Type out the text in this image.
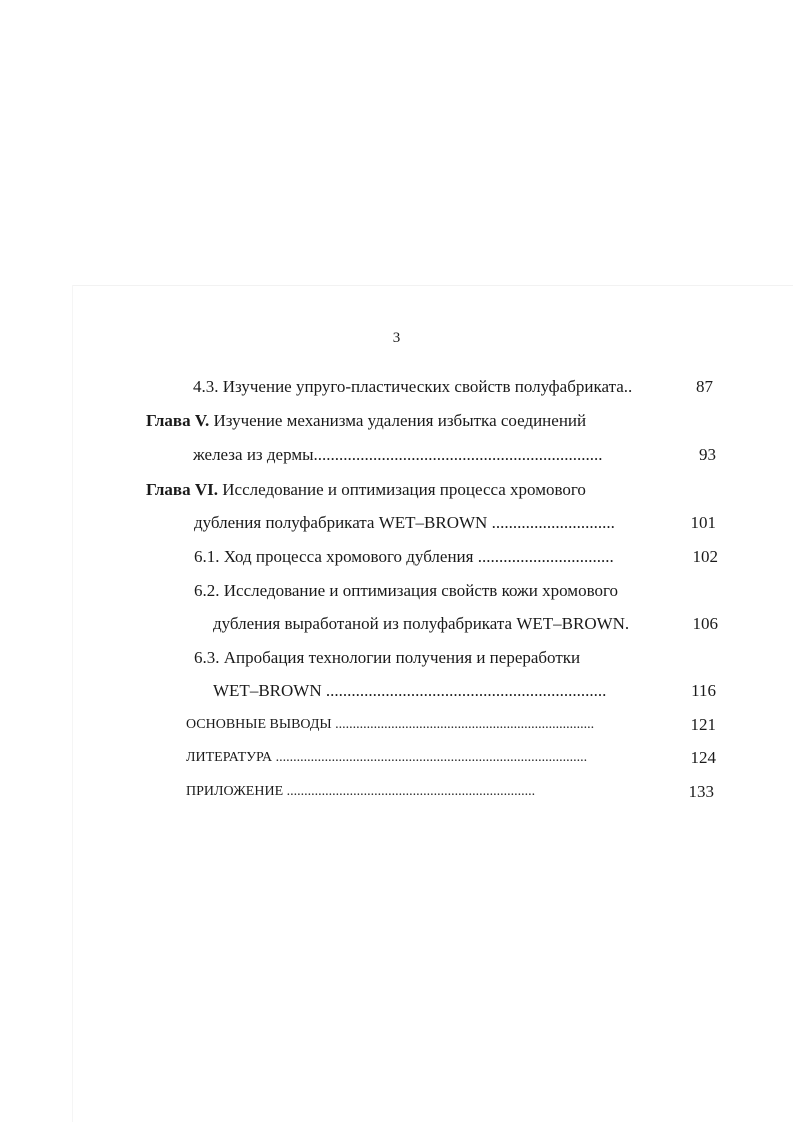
3
4.3. Изучение упруго-пластических свойств полуфабриката..	87
Глава V. Изучение механизма удаления избытка соединений
железа из дермы....................................................................	93
Глава VI. Исследование и оптимизация процесса хромового
дубления полуфабриката WET–BROWN .............................	101
6.1. Ход процесса хромового дубления ................................	102
6.2. Исследование и оптимизация свойств кожи хромового
дубления выработаной из полуфабриката WET–BROWN.	106
6.3. Апробация технологии получения и переработки
WET–BROWN ..................................................................	116
ОСНОВНЫЕ ВЫВОДЫ ..........................................................................	121
ЛИТЕРАТУРА .........................................................................................	124
ПРИЛОЖЕНИЕ .......................................................................	133
